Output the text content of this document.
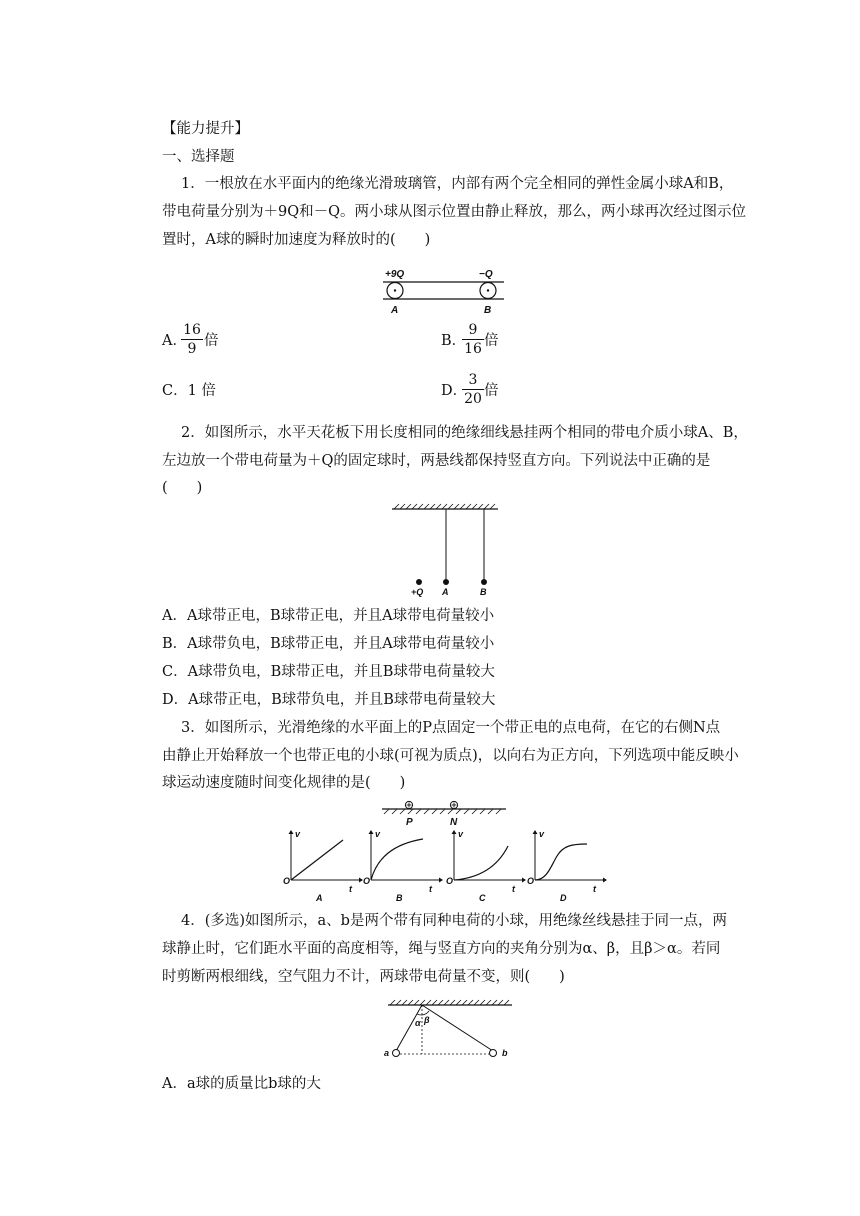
【能力提升】
一、选择题
1．一根放在水平面内的绝缘光滑玻璃管，内部有两个完全相同的弹性金属小球A和B，
带电荷量分别为＋9Q和－Q。两小球从图示位置由静止释放，那么，两小球再次经过图示位
置时，A球的瞬时加速度为释放时的(　　)
+9Q	−Q
A	B
A．
16
9 倍	B．
9
16 倍
C．1 倍	D．
3
20 倍
2．如图所示，水平天花板下用长度相同的绝缘细线悬挂两个相同的带电介质小球A、B，
左边放一个带电荷量为＋Q的固定球时，两悬线都保持竖直方向。下列说法中正确的是
(　　)
+Q A	B
A．A球带正电，B球带正电，并且A球带电荷量较小
B．A球带负电，B球带正电，并且A球带电荷量较小
C．A球带负电，B球带正电，并且B球带电荷量较大
D．A球带正电，B球带负电，并且B球带电荷量较大
3．如图所示，光滑绝缘的水平面上的P点固定一个带正电的点电荷，在它的右侧N点
由静止开始释放一个也带正电的小球(可视为质点)，以向右为正方向，下列选项中能反映小
球运动速度随时间变化规律的是(　　)
P	N
v
t
O
A
v
t
O
B
v
t
O
C
v
t
O
D
4．(多选)如图所示，a、b是两个带有同种电荷的小球，用绝缘丝线悬挂于同一点，两
球静止时，它们距水平面的高度相等，绳与竖直方向的夹角分别为α、β，且β＞α。若同
时剪断两根细线，空气阻力不计，两球带电荷量不变，则(　　)
α β
a	b
A．a球的质量比b球的大
